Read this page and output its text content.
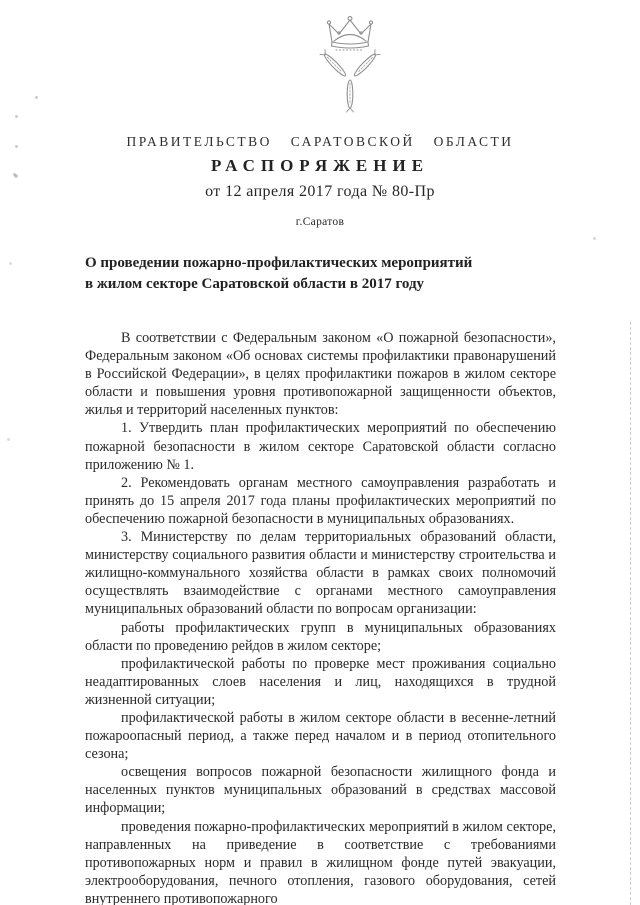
ПРАВИТЕЛЬСТВО САРАТОВСКОЙ ОБЛАСТИ
РАСПОРЯЖЕНИЕ
от 12 апреля 2017 года № 80-Пр
г.Саратов
О проведении пожарно-профилактических мероприятий
в жилом секторе Саратовской области в 2017 году

В соответствии с Федеральным законом «О пожарной безопасности», Федеральным законом «Об основах системы профилактики правонарушений в Российской Федерации», в целях профилактики пожаров в жилом секторе области и повышения уровня противопожарной защищенности объектов, жилья и территорий населенных пунктов:

1. Утвердить план профилактических мероприятий по обеспечению пожарной безопасности в жилом секторе Саратовской области согласно приложению № 1.

2. Рекомендовать органам местного самоуправления разработать и принять до 15 апреля 2017 года планы профилактических мероприятий по обеспечению пожарной безопасности в муниципальных образованиях.

3. Министерству по делам территориальных образований области, министерству социального развития области и министерству строительства и жилищно-коммунального хозяйства области в рамках своих полномочий осуществлять взаимодействие с органами местного самоуправления муниципальных образований области по вопросам организации:

работы профилактических групп в муниципальных образованиях области по проведению рейдов в жилом секторе;

профилактической работы по проверке мест проживания социально неадаптированных слоев населения и лиц, находящихся в трудной жизненной ситуации;

профилактической работы в жилом секторе области в весенне-летний пожароопасный период, а также перед началом и в период отопительного сезона;

освещения вопросов пожарной безопасности жилищного фонда и населенных пунктов муниципальных образований в средствах массовой информации;

проведения пожарно-профилактических мероприятий в жилом секторе, направленных на приведение в соответствие с требованиями противопожарных норм и правил в жилищном фонде путей эвакуации, электрооборудования, печного отопления, газового оборудования, сетей внутреннего противопожарного
